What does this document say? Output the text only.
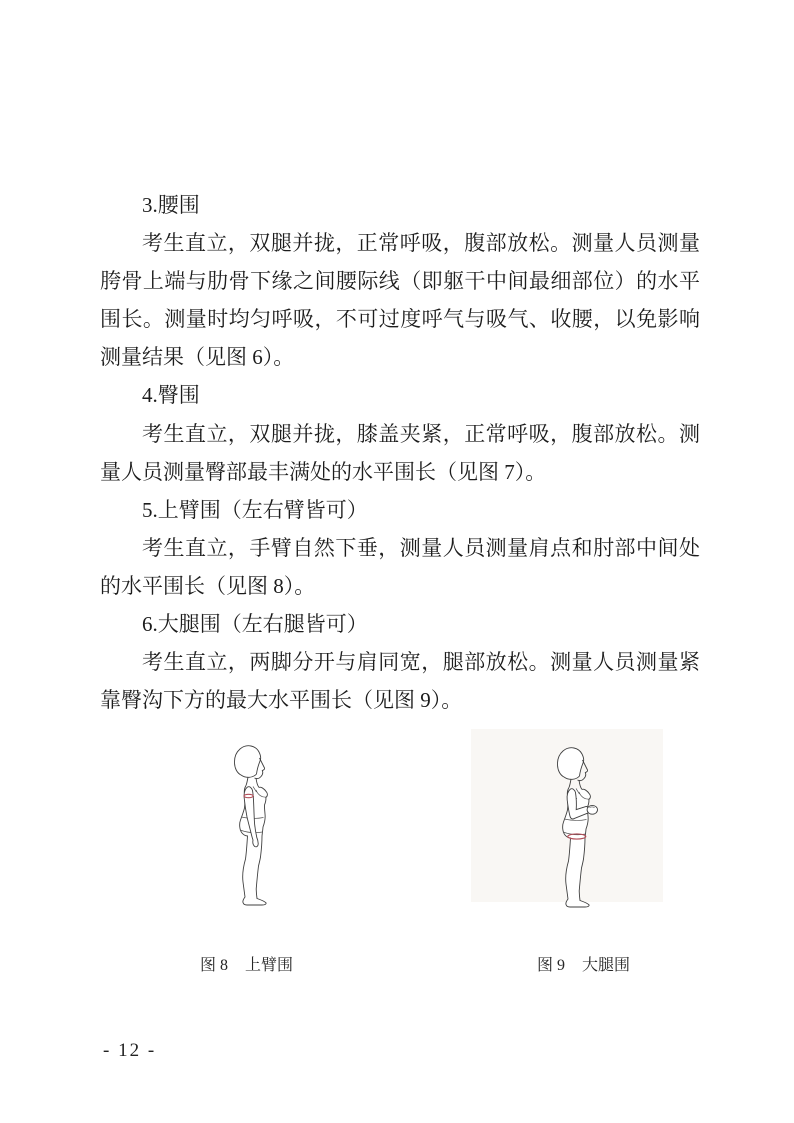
3.腰围

考生直立，双腿并拢，正常呼吸，腹部放松。测量人员测量胯骨上端与肋骨下缘之间腰际线（即躯干中间最细部位）的水平围长。测量时均匀呼吸，不可过度呼气与吸气、收腰，以免影响测量结果（见图 6）。

4.臀围

考生直立，双腿并拢，膝盖夹紧，正常呼吸，腹部放松。测量人员测量臀部最丰满处的水平围长（见图 7）。

5.上臂围（左右臂皆可）

考生直立，手臂自然下垂，测量人员测量肩点和肘部中间处的水平围长（见图 8）。

6.大腿围（左右腿皆可）

考生直立，两脚分开与肩同宽，腿部放松。测量人员测量紧靠臀沟下方的最大水平围长（见图 9）。

图 8 上臂围	图 9 大腿围
- 12 -
